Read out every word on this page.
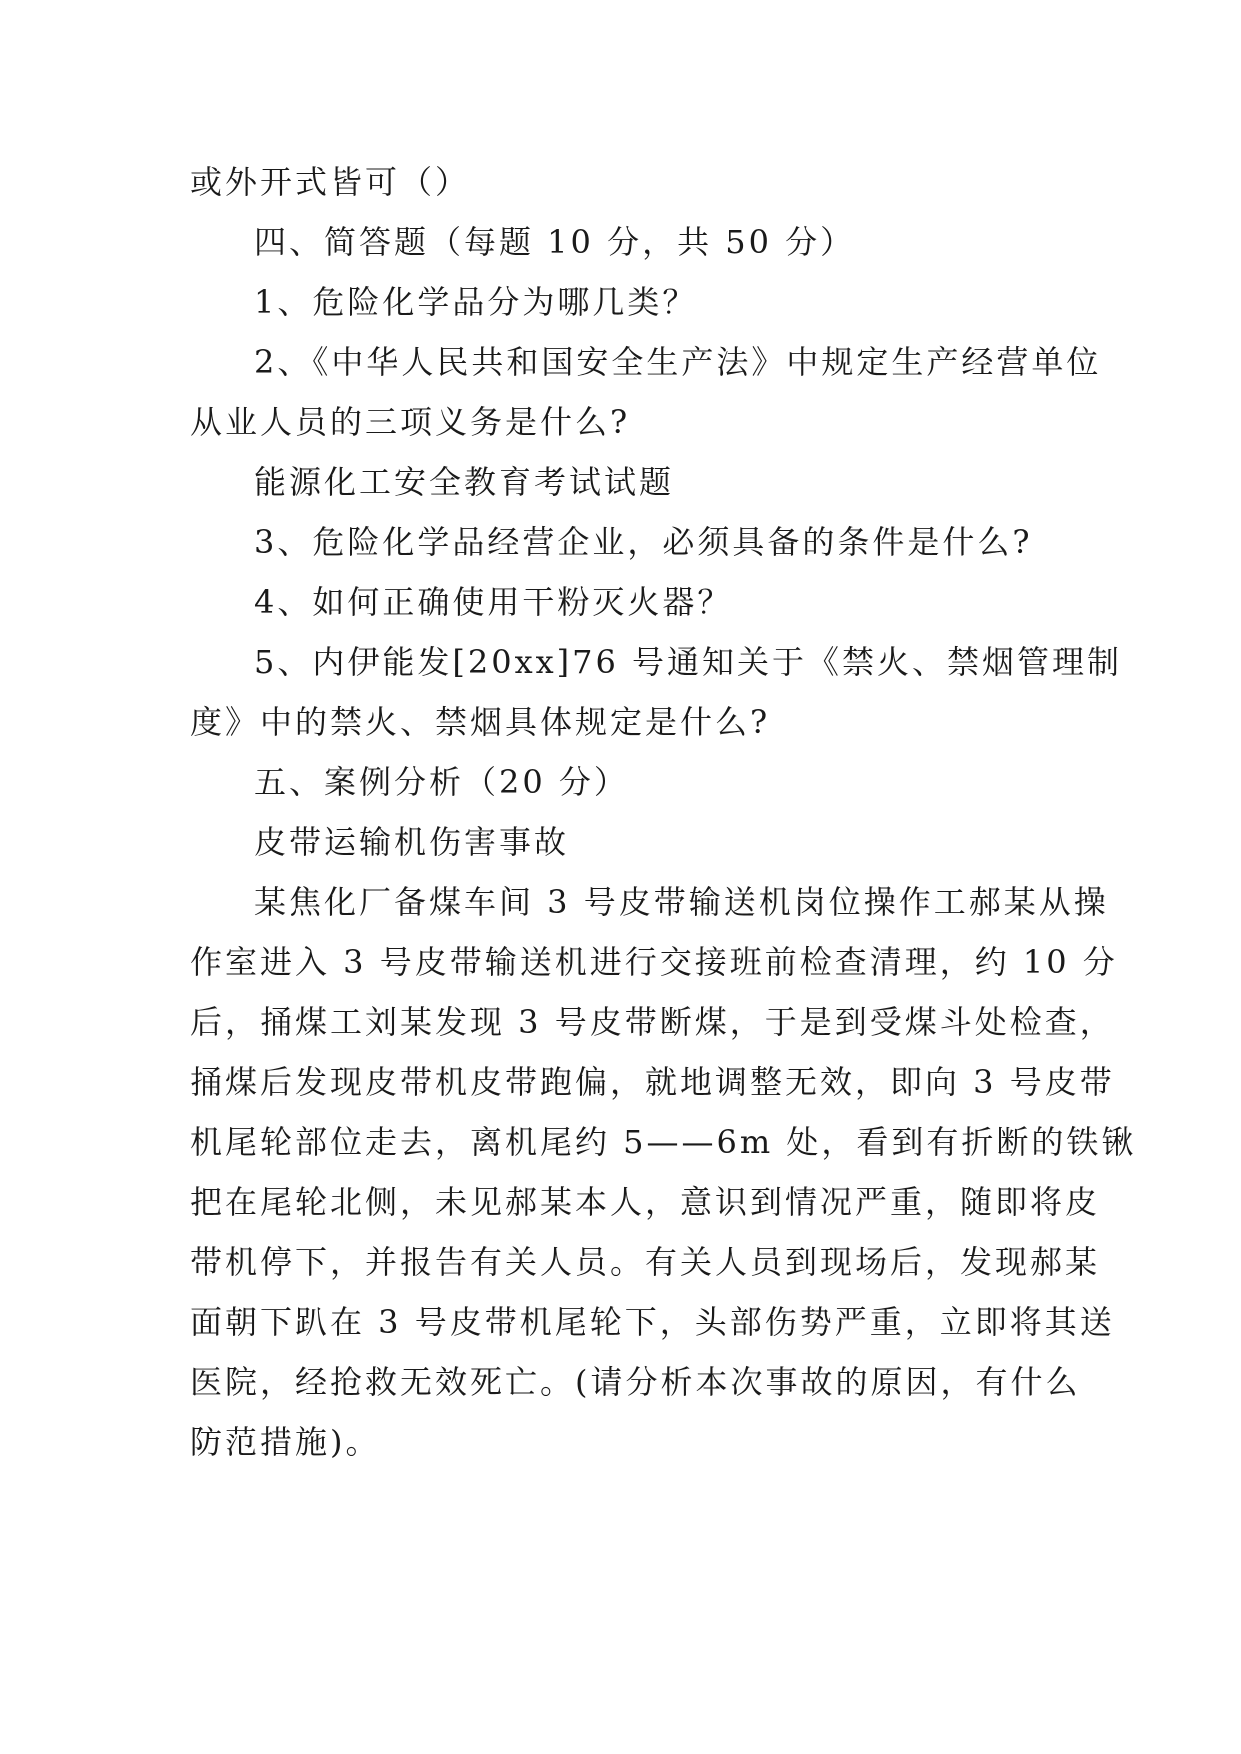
或外开式皆可（）
四、简答题（每题 10 分，共 50 分）
1、危险化学品分为哪几类？
2、《中华人民共和国安全生产法》中规定生产经营单位
从业人员的三项义务是什么?
能源化工安全教育考试试题
3、危险化学品经营企业，必须具备的条件是什么?
4、如何正确使用干粉灭火器？
5、内伊能发[20xx]76 号通知关于《禁火、禁烟管理制
度》中的禁火、禁烟具体规定是什么?
五、案例分析（20 分）
皮带运输机伤害事故
某焦化厂备煤车间 3 号皮带输送机岗位操作工郝某从操
作室进入 3 号皮带输送机进行交接班前检查清理，约 10 分
后，捅煤工刘某发现 3 号皮带断煤，于是到受煤斗处检查，
捅煤后发现皮带机皮带跑偏，就地调整无效，即向 3 号皮带
机尾轮部位走去，离机尾约 5——6m 处，看到有折断的铁锹
把在尾轮北侧，未见郝某本人，意识到情况严重，随即将皮
带机停下，并报告有关人员。有关人员到现场后，发现郝某
面朝下趴在 3 号皮带机尾轮下，头部伤势严重，立即将其送
医院，经抢救无效死亡。(请分析本次事故的原因，有什么
防范措施)。
